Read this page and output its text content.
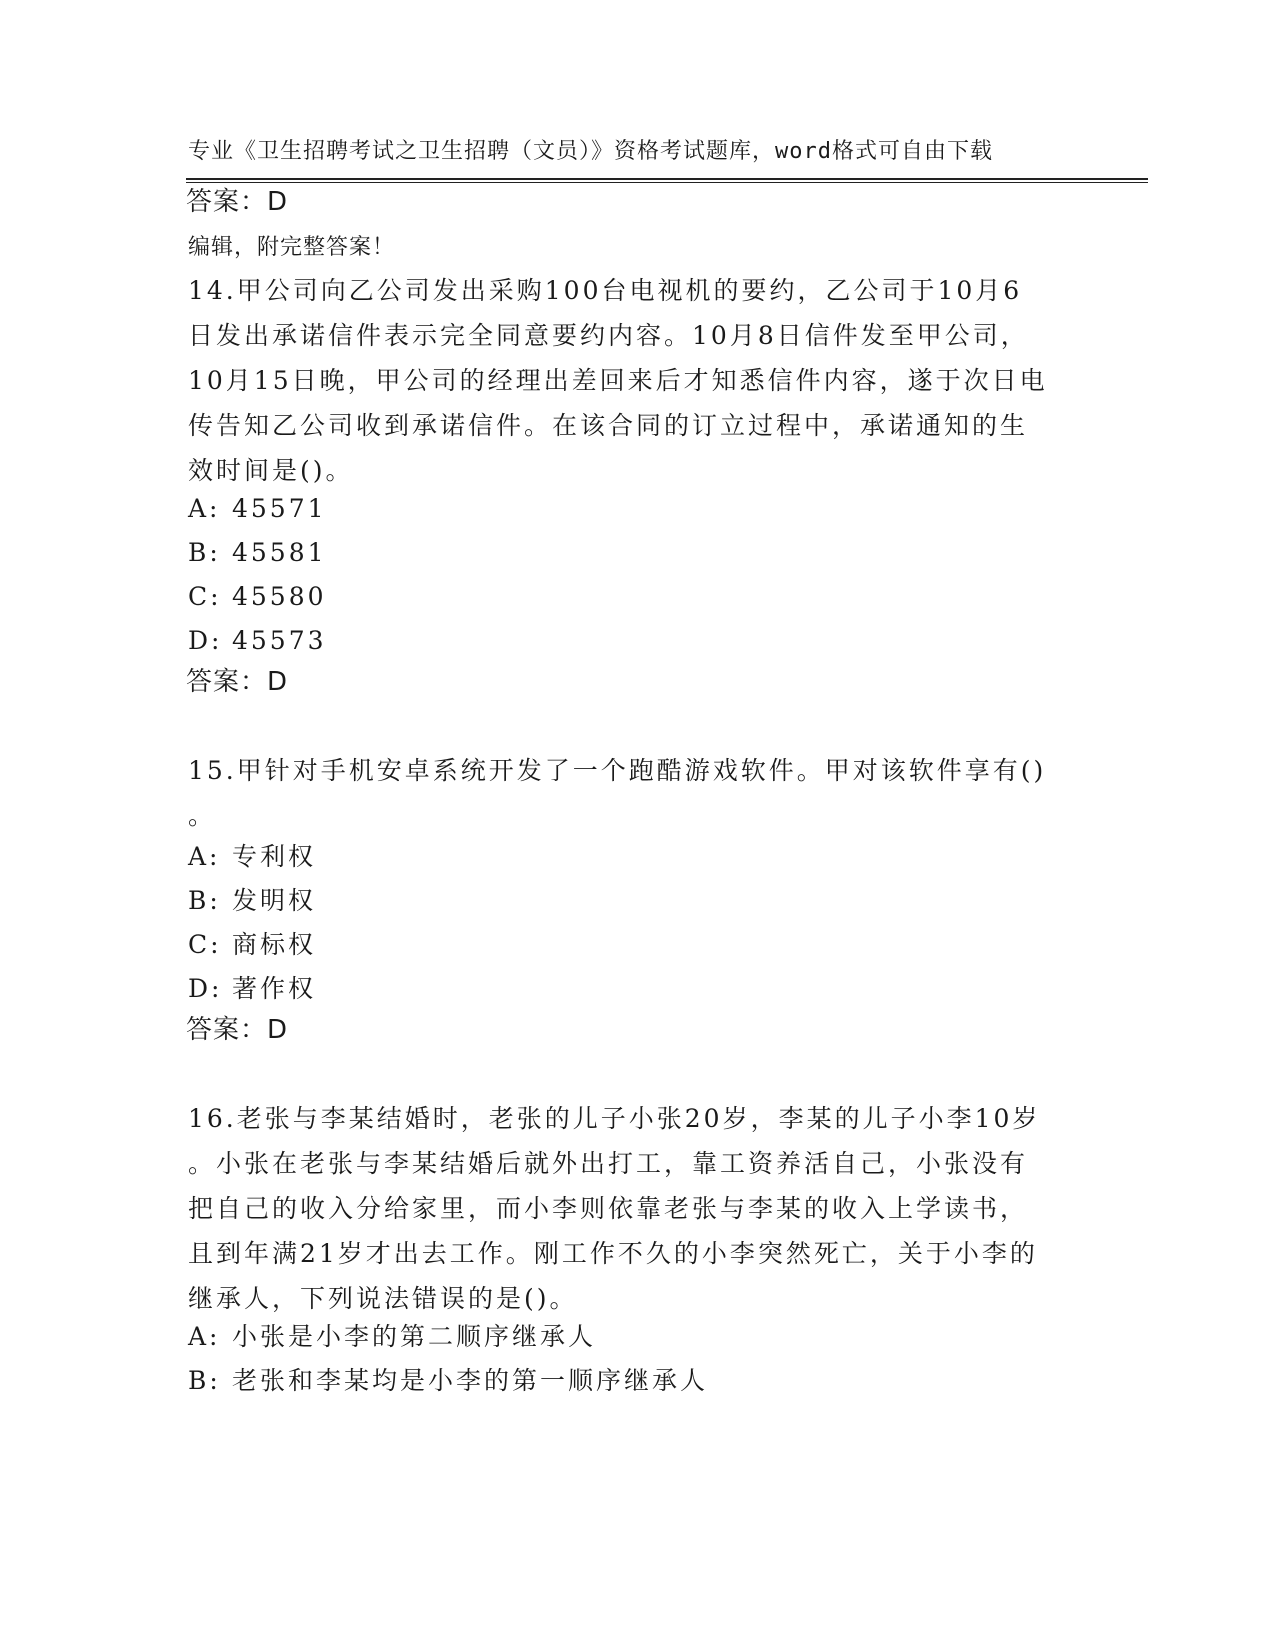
专业《卫生招聘考试之卫生招聘（文员）》资格考试题库，word格式可自由下载

编辑，附完整答案！

答案：D

14.甲公司向乙公司发出采购100台电视机的要约，乙公司于10月6
日发出承诺信件表示完全同意要约内容。10月8日信件发至甲公司，
10月15日晚，甲公司的经理出差回来后才知悉信件内容，遂于次日电
传告知乙公司收到承诺信件。在该合同的订立过程中，承诺通知的生
效时间是()。

A: 45571

B: 45581

C: 45580

D: 45573

答案：D

15.甲针对手机安卓系统开发了一个跑酷游戏软件。甲对该软件享有()
。

A: 专利权

B: 发明权

C: 商标权

D: 著作权

答案：D

16.老张与李某结婚时，老张的儿子小张20岁，李某的儿子小李10岁
。小张在老张与李某结婚后就外出打工，靠工资养活自己，小张没有
把自己的收入分给家里，而小李则依靠老张与李某的收入上学读书，
且到年满21岁才出去工作。刚工作不久的小李突然死亡，关于小李的
继承人，下列说法错误的是()。

A: 小张是小李的第二顺序继承人

B: 老张和李某均是小李的第一顺序继承人
